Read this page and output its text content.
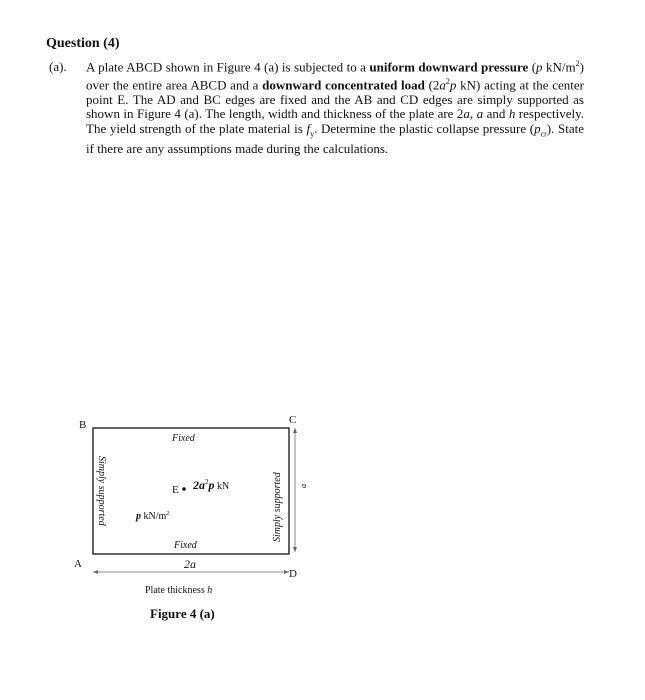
Question (4)
(a). A plate ABCD shown in Figure 4 (a) is subjected to a uniform downward pressure (p $kN/m^2$) over the entire area ABCD and a downward concentrated load ($2a^2p$ kN) acting at the center point E. The AD and BC edges are fixed and the AB and CD edges are simply supported as shown in Figure 4 (a). The length, width and thickness of the plate are 2a, a and h respectively. The yield strength of the plate material is $f_y$. Determine the plastic collapse pressure $(p_{cr})$. State if there are any assumptions made during the calculations.
B	C
A
D
Fixed
Fixed
Simply supported	Simply supported
E $2a^2p$ kN
p $kN/m^2$
a
2a
Plate thickness h
Figure 4 (a)
